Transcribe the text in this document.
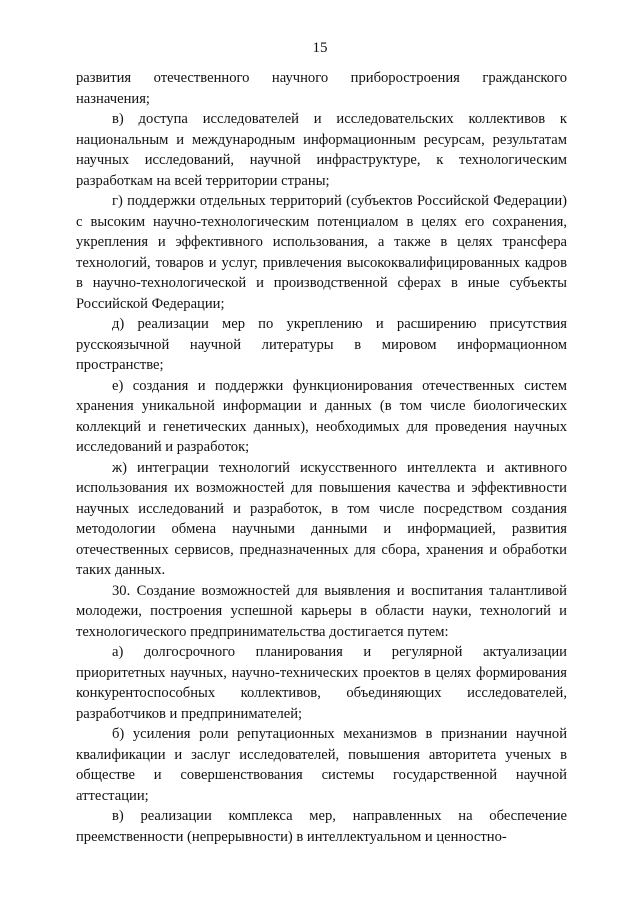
15

развития отечественного научного приборостроения гражданского назначения;

в) доступа исследователей и исследовательских коллективов к национальным и международным информационным ресурсам, результатам научных исследований, научной инфраструктуре, к технологическим разработкам на всей территории страны;

г) поддержки отдельных территорий (субъектов Российской Федерации) с высоким научно-технологическим потенциалом в целях его сохранения, укрепления и эффективного использования, а также в целях трансфера технологий, товаров и услуг, привлечения высококвалифицированных кадров в научно-технологической и производственной сферах в иные субъекты Российской Федерации;

д) реализации мер по укреплению и расширению присутствия русскоязычной научной литературы в мировом информационном пространстве;

е) создания и поддержки функционирования отечественных систем хранения уникальной информации и данных (в том числе биологических коллекций и генетических данных), необходимых для проведения научных исследований и разработок;

ж) интеграции технологий искусственного интеллекта и активного использования их возможностей для повышения качества и эффективности научных исследований и разработок, в том числе посредством создания методологии обмена научными данными и информацией, развития отечественных сервисов, предназначенных для сбора, хранения и обработки таких данных.

30. Создание возможностей для выявления и воспитания талантливой молодежи, построения успешной карьеры в области науки, технологий и технологического предпринимательства достигается путем:

а) долгосрочного планирования и регулярной актуализации приоритетных научных, научно-технических проектов в целях формирования конкурентоспособных коллективов, объединяющих исследователей, разработчиков и предпринимателей;

б) усиления роли репутационных механизмов в признании научной квалификации и заслуг исследователей, повышения авторитета ученых в обществе и совершенствования системы государственной научной аттестации;

в) реализации комплекса мер, направленных на обеспечение преемственности (непрерывности) в интеллектуальном и ценностно-
